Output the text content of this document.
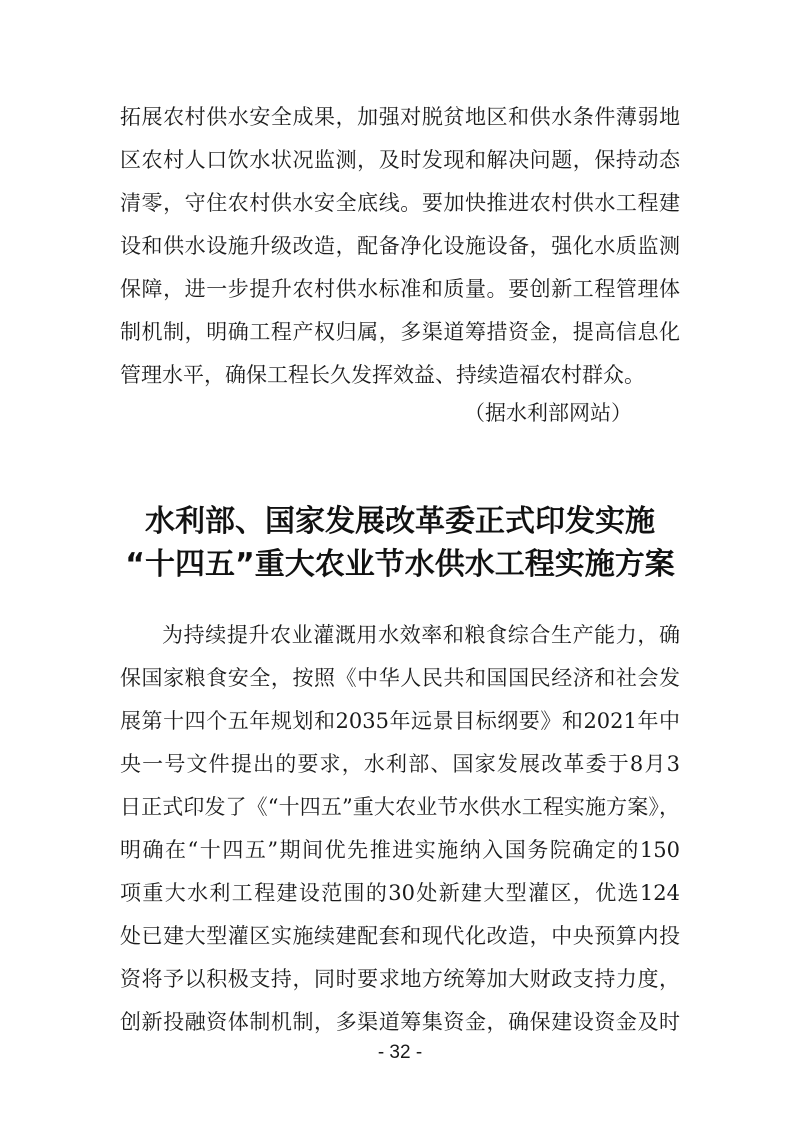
拓展农村供水安全成果，加强对脱贫地区和供水条件薄弱地
区农村人口饮水状况监测，及时发现和解决问题，保持动态
清零，守住农村供水安全底线。要加快推进农村供水工程建
设和供水设施升级改造，配备净化设施设备，强化水质监测
保障，进一步提升农村供水标准和质量。要创新工程管理体
制机制，明确工程产权归属，多渠道筹措资金，提高信息化
管理水平，确保工程长久发挥效益、持续造福农村群众。
（据水利部网站）
水利部、国家发展改革委正式印发实施
“十四五”重大农业节水供水工程实施方案
为持续提升农业灌溉用水效率和粮食综合生产能力，确
保国家粮食安全，按照《中华人民共和国国民经济和社会发
展第十四个五年规划和2035年远景目标纲要》和2021年中
央一号文件提出的要求，水利部、国家发展改革委于8月3
日正式印发了《“十四五”重大农业节水供水工程实施方案》，
明确在“十四五”期间优先推进实施纳入国务院确定的150
项重大水利工程建设范围的30处新建大型灌区，优选124
处已建大型灌区实施续建配套和现代化改造，中央预算内投
资将予以积极支持，同时要求地方统筹加大财政支持力度，
创新投融资体制机制，多渠道筹集资金，确保建设资金及时
- 32 -
